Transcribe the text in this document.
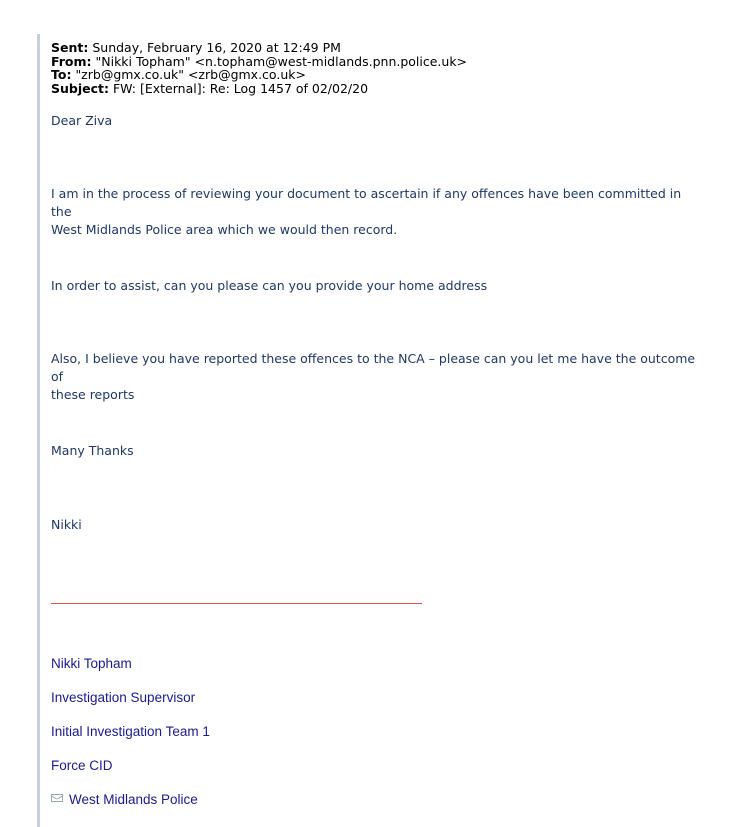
Sent: Sunday, February 16, 2020 at 12:49 PM
From: "Nikki Topham" <n.topham@west-midlands.pnn.police.uk>
To: "zrb@gmx.co.uk" <zrb@gmx.co.uk>
Subject: FW: [External]: Re: Log 1457 of 02/02/20
Dear Ziva
I am in the process of reviewing your document to ascertain if any offences have been committed in the
West Midlands Police area which we would then record.
In order to assist, can you please can you provide your home address
Also, I believe you have reported these offences to the NCA – please can you let me have the outcome of
these reports
Many Thanks
Nikki
Nikki Topham
Investigation Supervisor
Initial Investigation Team 1
Force CID
West Midlands Police
